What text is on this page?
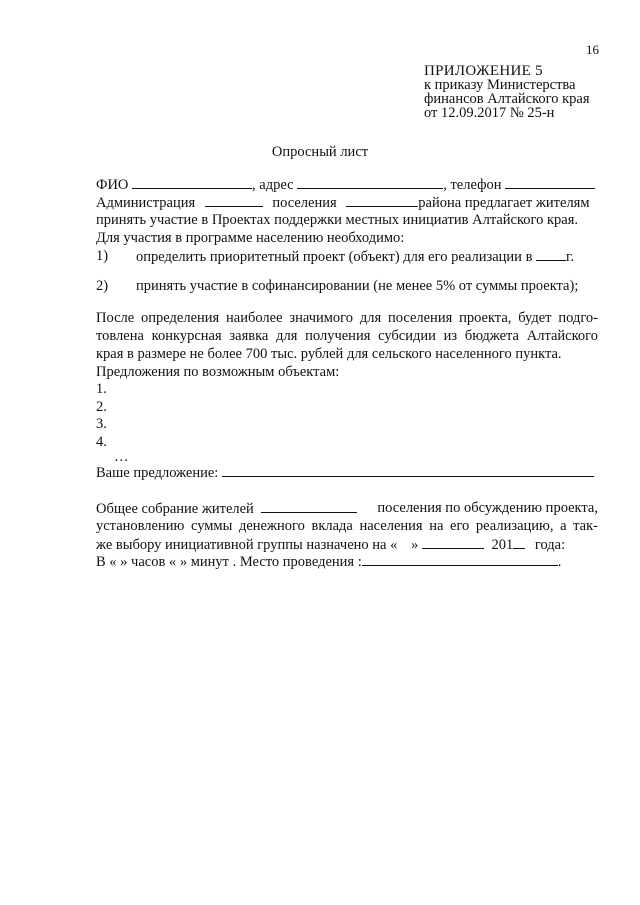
16
ПРИЛОЖЕНИЕ 5
к приказу Министерства
финансов Алтайского края
от 12.09.2017 № 25-н
Опросный лист
ФИО	, адрес	, телефон
Администрация	поселения	района предлагает жителям
принять участие в Проектах поддержки местных инициатив Алтайского края.
Для участия в программе населению необходимо:
1) определить приоритетный проект (объект) для его реализации в г.
2) принять участие в софинансировании (не менее 5% от суммы проекта);
После определения наиболее значимого для поселения проекта, будет подго-
товлена конкурсная заявка для получения субсидии из бюджета Алтайского
края в размере не более 700 тыс. рублей для сельского населенного пункта.
Предложения по возможным объектам:
1.
2.
3.
4.
…
Ваше предложение:
Общее собрание жителей	поселения по обсуждению проекта,
установлению суммы денежного вклада населения на его реализацию, а так-
же выбору инициативной группы назначено на « »	201 года:
В « » часов « » минут . Место проведения :	.
